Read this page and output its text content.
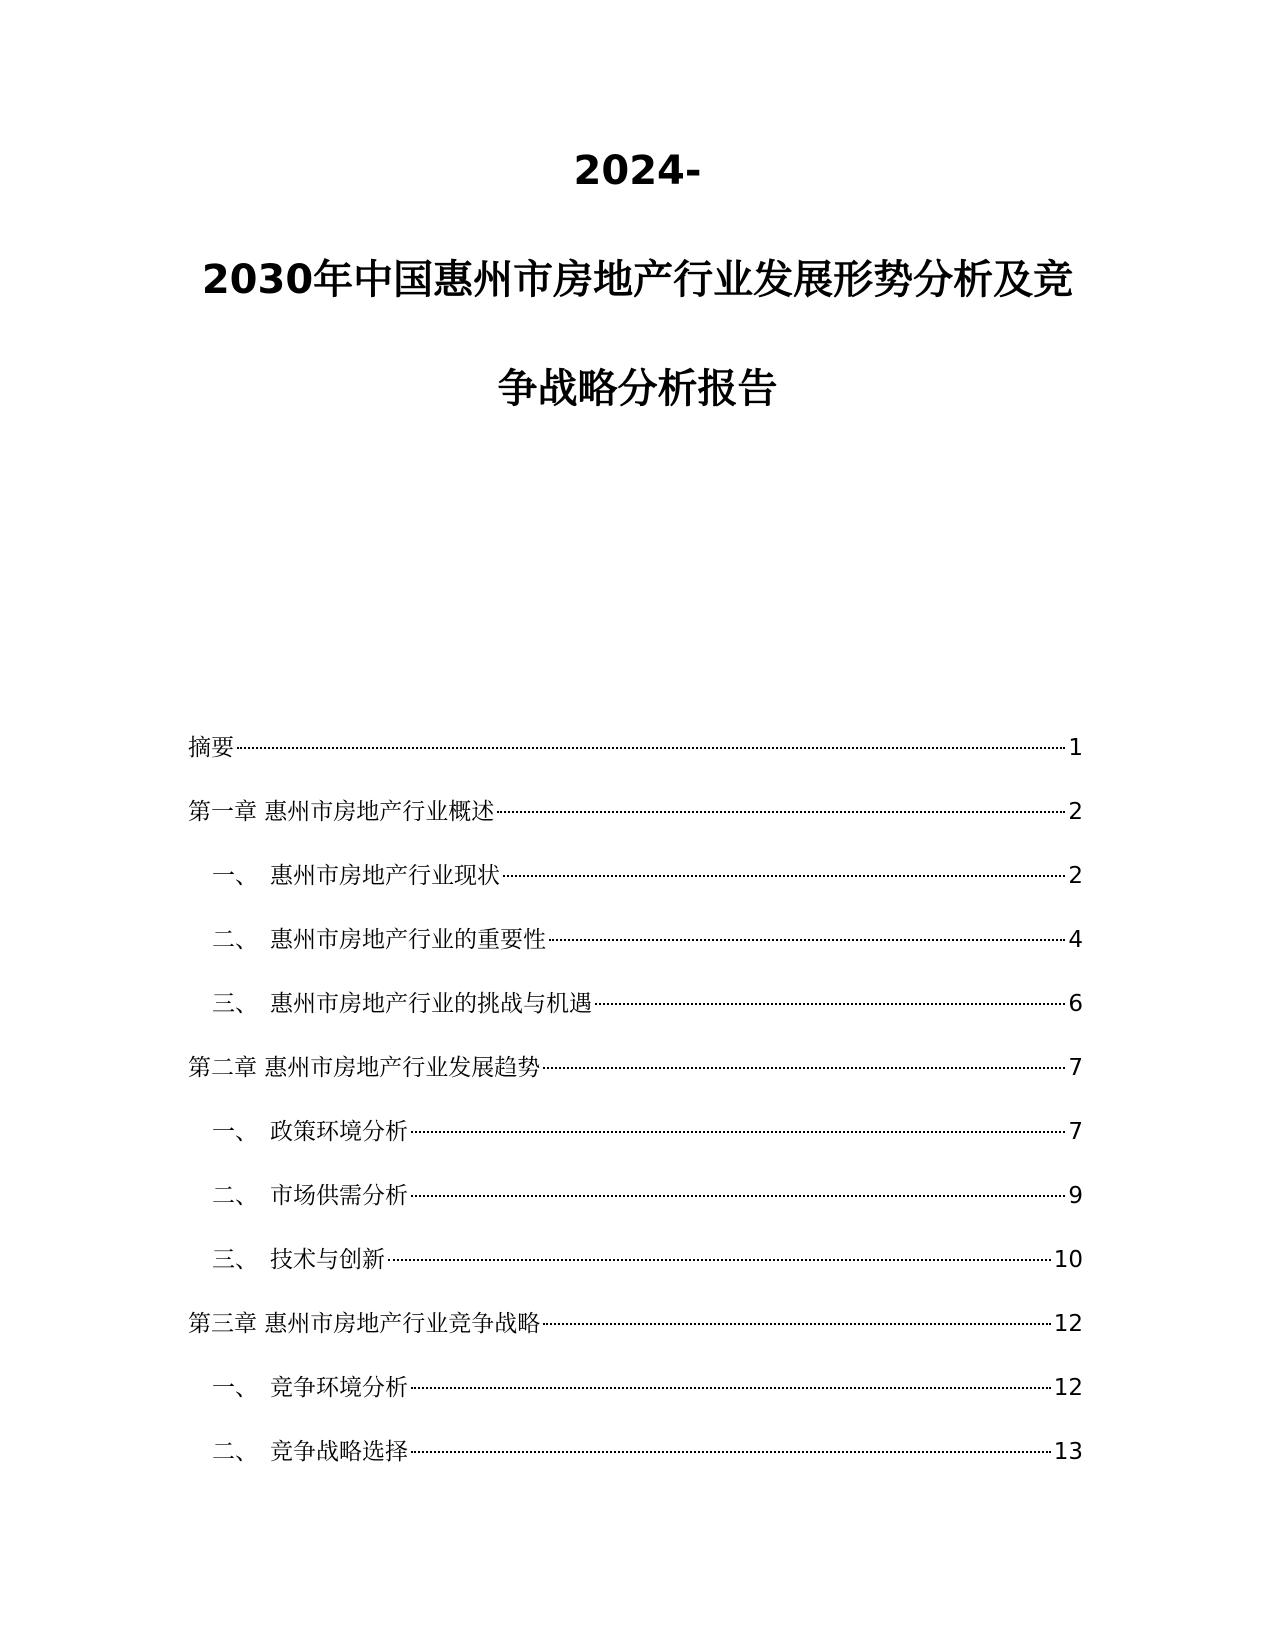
2024-

2030年中国惠州市房地产行业发展形势分析及竞

争战略分析报告

摘要	1
第一章 惠州市房地产行业概述	2
一、 惠州市房地产行业现状	2
二、 惠州市房地产行业的重要性	4
三、 惠州市房地产行业的挑战与机遇	6
第二章 惠州市房地产行业发展趋势	7
一、 政策环境分析	7
二、 市场供需分析	9
三、 技术与创新	10
第三章 惠州市房地产行业竞争战略	12
一、 竞争环境分析	12
二、 竞争战略选择	13
